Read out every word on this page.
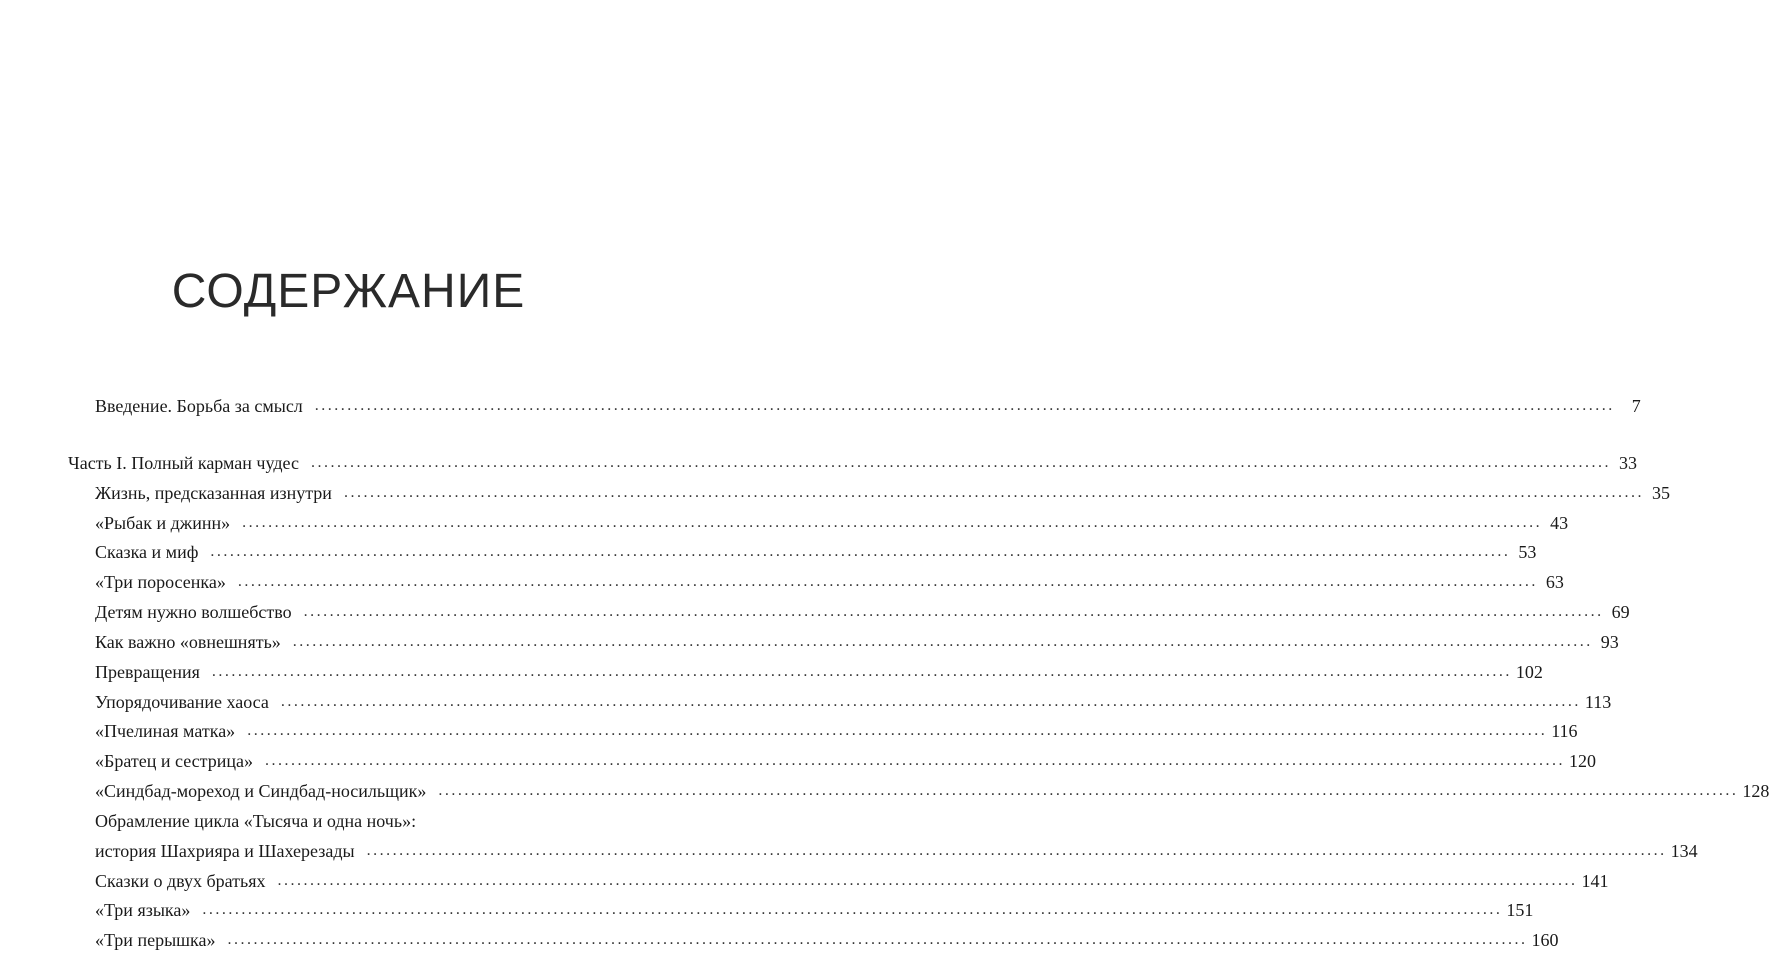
СОДЕРЖАНИЕ
Введение. Борьба за смысл ........................................................................................................................................................................................................ 7
Часть I. Полный карман чудес ........................................................................................................................................................................................................ 33
Жизнь, предсказанная изнутри ........................................................................................................................................................................................................ 35
«Рыбак и джинн» ........................................................................................................................................................................................................ 43
Сказка и миф ........................................................................................................................................................................................................ 53
«Три поросенка» ........................................................................................................................................................................................................ 63
Детям нужно волшебство ........................................................................................................................................................................................................ 69
Как важно «овнешнять» ........................................................................................................................................................................................................ 93
Превращения ........................................................................................................................................................................................................ 102
Упорядочивание хаоса ........................................................................................................................................................................................................ 113
«Пчелиная матка» ........................................................................................................................................................................................................ 116
«Братец и сестрица» ........................................................................................................................................................................................................ 120
«Синдбад-мореход и Синдбад-носильщик» ........................................................................................................................................................................................................ 128
Обрамление цикла «Тысяча и одна ночь»:
история Шахрияра и Шахерезады ........................................................................................................................................................................................................ 134
Сказки о двух братьях ........................................................................................................................................................................................................ 141
«Три языка» ........................................................................................................................................................................................................ 151
«Три перышка» ........................................................................................................................................................................................................ 160
